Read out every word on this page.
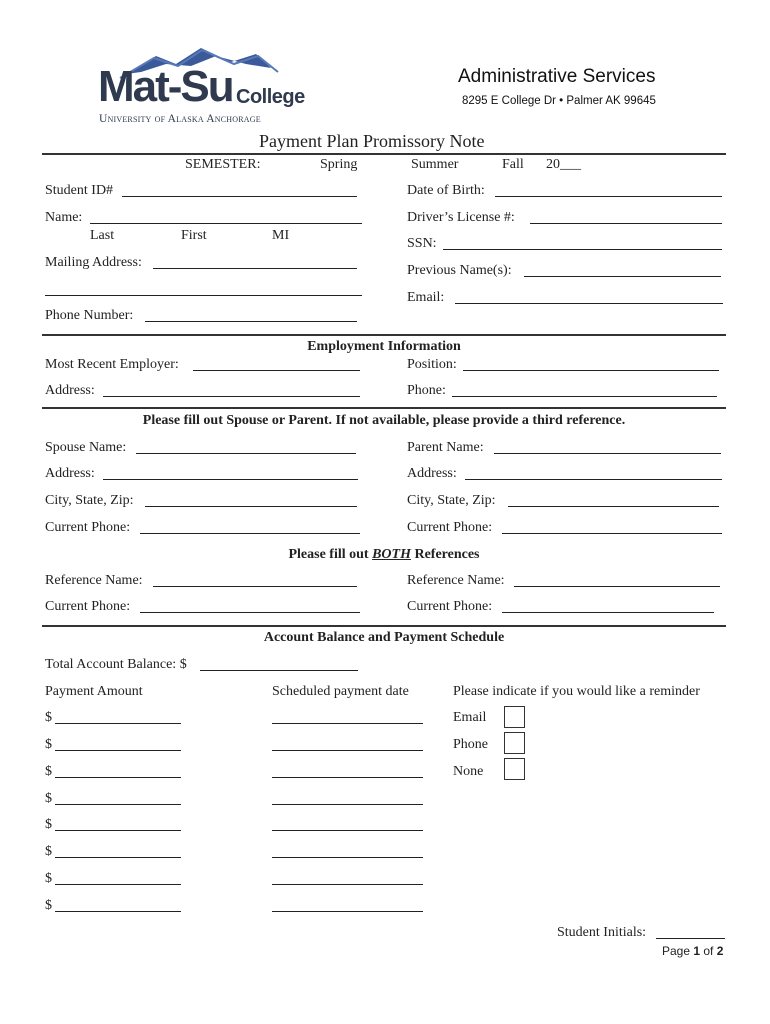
Mat-Su College
University of Alaska Anchorage
Administrative Services
8295 E College Dr • Palmer AK 99645
Payment Plan Promissory Note
SEMESTER:	Spring	Summer	Fall 20___
Student ID#	Date of Birth:
Name:	Driver’s License #:
Last	First	MI
SSN:
Mailing Address:
Previous Name(s):
Email:
Phone Number:
Employment Information
Most Recent Employer:	Position:
Address:	Phone:
Please fill out Spouse or Parent. If not available, please provide a third reference.
Spouse Name:	Parent Name:
Address:	Address:
City, State, Zip:	City, State, Zip:
Current Phone:	Current Phone:
Please fill out BOTH References
Reference Name:	Reference Name:
Current Phone:	Current Phone:
Account Balance and Payment Schedule
Total Account Balance: $
Payment Amount	Scheduled payment date	Please indicate if you would like a reminder
$
$
$
$
$
$
$
$
Email
Phone
None
Student Initials:
Page 1 of 2
